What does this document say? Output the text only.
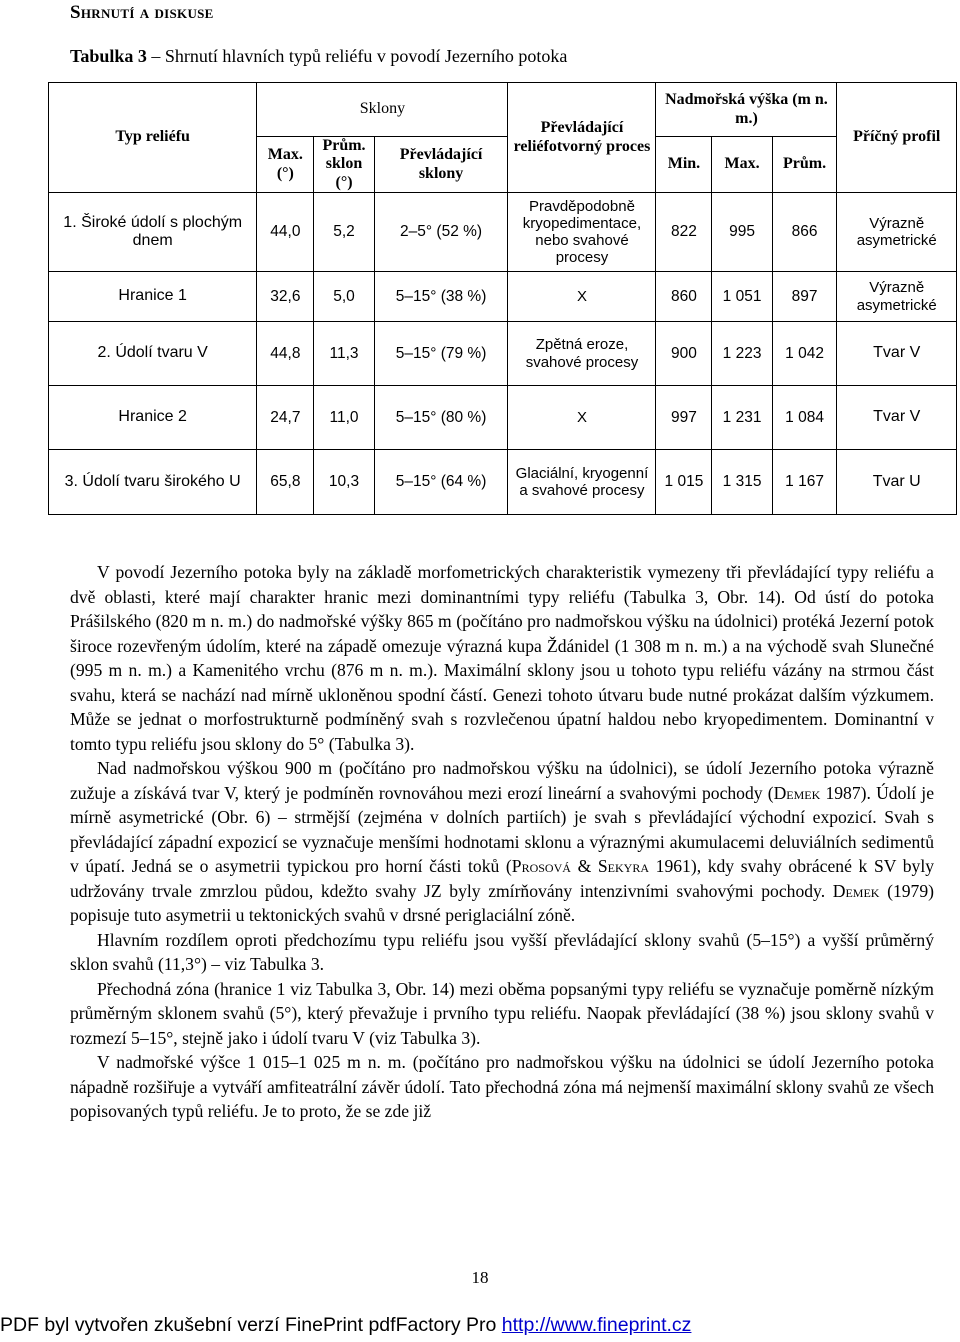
Shrnutí a diskuse
Tabulka 3 – Shrnutí hlavních typů reliéfu v povodí Jezerního potoka
Typ reliéfu	Sklony			Převládající reliéfotvorný proces	Nadmořská výška (m n. m.)			Příčný profil
	Max. (°)	Prům. sklon (°)	Převládající sklony		Min.	Max.	Prům.	
1. Široké údolí s plochým dnem	44,0	5,2	2–5° (52 %)	Pravděpodobně kryopedimentace, nebo svahové procesy	822	995	866	Výrazně asymetrické
Hranice 1	32,6	5,0	5–15° (38 %)	X	860	1 051	897	Výrazně asymetrické
2. Údolí tvaru V	44,8	11,3	5–15° (79 %)	Zpětná eroze, svahové procesy	900	1 223	1 042	Tvar V
Hranice 2	24,7	11,0	5–15° (80 %)	X	997	1 231	1 084	Tvar V
3. Údolí tvaru širokého U	65,8	10,3	5–15° (64 %)	Glaciální, kryogenní a svahové procesy	1 015	1 315	1 167	Tvar U

V povodí Jezerního potoka byly na základě morfometrických charakteristik vymezeny tři převládající typy reliéfu a dvě oblasti, které mají charakter hranic mezi dominantními typy reliéfu (Tabulka 3, Obr. 14). Od ústí do potoka Prášilského (820 m n. m.) do nadmořské výšky 865 m (počítáno pro nadmořskou výšku na údolnici) protéká Jezerní potok široce rozevřeným údolím, které na západě omezuje výrazná kupa Ždánidel (1 308 m n. m.) a na východě svah Slunečné (995 m n. m.) a Kamenitého vrchu (876 m n. m.). Maximální sklony jsou u tohoto typu reliéfu vázány na strmou část svahu, která se nachází nad mírně ukloněnou spodní částí. Genezi tohoto útvaru bude nutné prokázat dalším výzkumem. Může se jednat o morfostrukturně podmíněný svah s rozvlečenou úpatní haldou nebo kryopedimentem. Dominantní v tomto typu reliéfu jsou sklony do 5° (Tabulka 3).

Nad nadmořskou výškou 900 m (počítáno pro nadmořskou výšku na údolnici), se údolí Jezerního potoka výrazně zužuje a získává tvar V, který je podmíněn rovnováhou mezi erozí lineární a svahovými pochody (Demek 1987). Údolí je mírně asymetrické (Obr. 6) – strmější (zejména v dolních partiích) je svah s převládající východní expozicí. Svah s převládající západní expozicí se vyznačuje menšími hodnotami sklonu a výraznými akumulacemi deluviálních sedimentů v úpatí. Jedná se o asymetrii typickou pro horní části toků (Prosová & Sekyra 1961), kdy svahy obrácené k SV byly udržovány trvale zmrzlou půdou, kdežto svahy JZ byly zmírňovány intenzivními svahovými pochody. Demek (1979) popisuje tuto asymetrii u tektonických svahů v drsné periglaciální zóně.

Hlavním rozdílem oproti předchozímu typu reliéfu jsou vyšší převládající sklony svahů (5–15°) a vyšší průměrný sklon svahů (11,3°) – viz Tabulka 3.

Přechodná zóna (hranice 1 viz Tabulka 3, Obr. 14) mezi oběma popsanými typy reliéfu se vyznačuje poměrně nízkým průměrným sklonem svahů (5°), který převažuje i prvního typu reliéfu. Naopak převládající (38 %) jsou sklony svahů v rozmezí 5–15°, stejně jako i údolí tvaru V (viz Tabulka 3).

V nadmořské výšce 1 015–1 025 m n. m. (počítáno pro nadmořskou výšku na údolnici se údolí Jezerního potoka nápadně rozšiřuje a vytváří amfiteatrální závěr údolí. Tato přechodná zóna má nejmenší maximální sklony svahů ze všech popisovaných typů reliéfu. Je to proto, že se zde již

18
PDF byl vytvořen zkušební verzí FinePrint pdfFactory Pro http://www.fineprint.cz
